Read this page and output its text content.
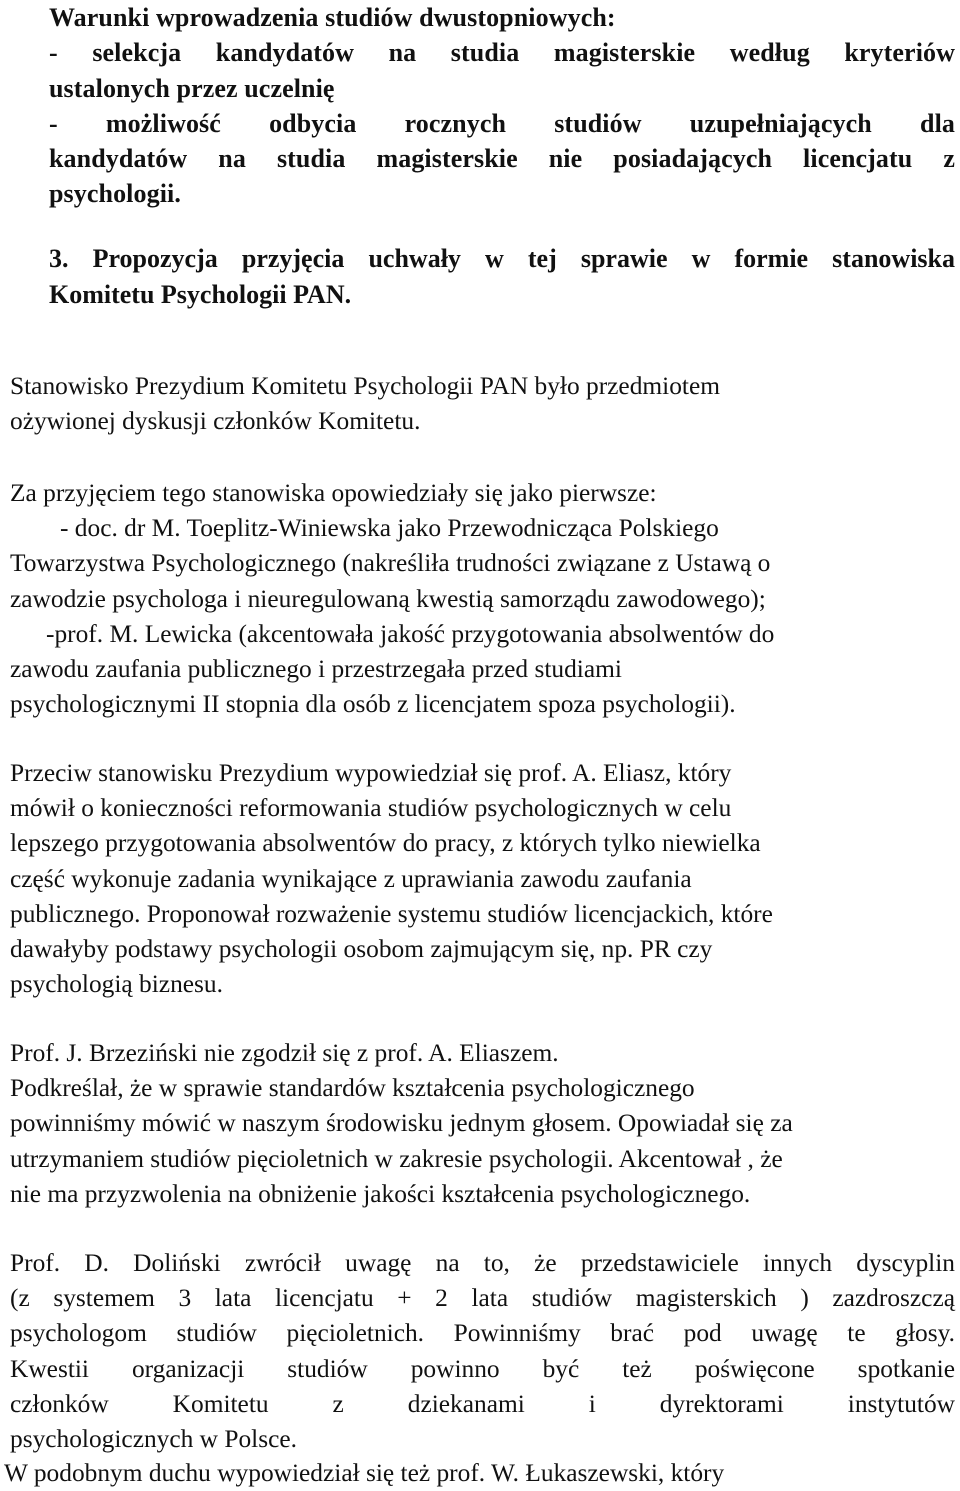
Warunki wprowadzenia studiów dwustopniowych:
- selekcja kandydatów na studia magisterskie według kryteriów
ustalonych przez uczelnię
- możliwość odbycia rocznych studiów uzupełniających dla
kandydatów na studia magisterskie nie posiadających licencjatu z
psychologii.
3. Propozycja przyjęcia uchwały w tej sprawie w formie stanowiska
Komitetu Psychologii PAN.
Stanowisko Prezydium Komitetu Psychologii PAN było przedmiotem
ożywionej dyskusji członków Komitetu.
Za przyjęciem tego stanowiska opowiedziały się jako pierwsze:
- doc. dr M. Toeplitz-Winiewska jako Przewodnicząca Polskiego
Towarzystwa Psychologicznego (nakreśliła trudności związane z Ustawą o
zawodzie psychologa i nieuregulowaną kwestią samorządu zawodowego);
-prof. M. Lewicka (akcentowała jakość przygotowania absolwentów do
zawodu zaufania publicznego i przestrzegała przed studiami
psychologicznymi II stopnia dla osób z licencjatem spoza psychologii).
Przeciw stanowisku Prezydium wypowiedział się prof. A. Eliasz, który
mówił o konieczności reformowania studiów psychologicznych w celu
lepszego przygotowania absolwentów do pracy, z których tylko niewielka
część wykonuje zadania wynikające z uprawiania zawodu zaufania
publicznego. Proponował rozważenie systemu studiów licencjackich, które
dawałyby podstawy psychologii osobom zajmującym się, np. PR czy
psychologią biznesu.
Prof. J. Brzeziński nie zgodził się z prof. A. Eliaszem.
Podkreślał, że w sprawie standardów kształcenia psychologicznego
powinniśmy mówić w naszym środowisku jednym głosem. Opowiadał się za
utrzymaniem studiów pięcioletnich w zakresie psychologii. Akcentował , że
nie ma przyzwolenia na obniżenie jakości kształcenia psychologicznego.
Prof. D. Doliński zwrócił uwagę na to, że przedstawiciele innych dyscyplin
(z systemem 3 lata licencjatu + 2 lata studiów magisterskich ) zazdroszczą
psychologom studiów pięcioletnich. Powinniśmy brać pod uwagę te głosy.
Kwestii organizacji studiów powinno być też poświęcone spotkanie
członków Komitetu z dziekanami i dyrektorami instytutów
psychologicznych w Polsce.
W podobnym duchu wypowiedział się też prof. W. Łukaszewski, który
